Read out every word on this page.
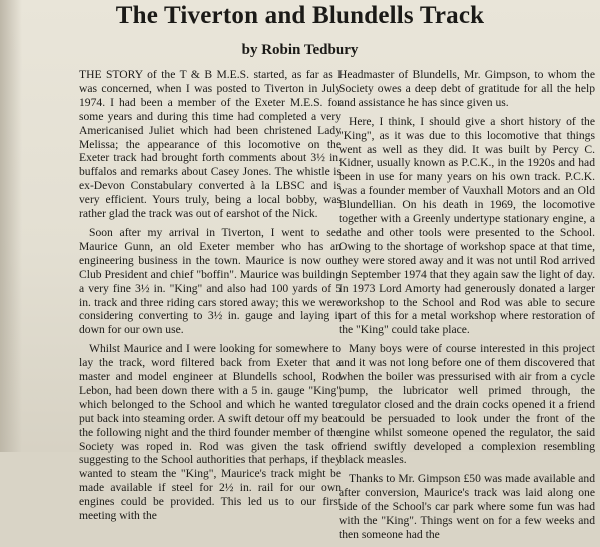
The Tiverton and Blundells Track
by Robin Tedbury

THE STORY of the T & B M.E.S. started, as far as I was concerned, when I was posted to Tiverton in July 1974. I had been a member of the Exeter M.E.S. for some years and during this time had completed a very Americanised Juliet which had been christened Lady Melissa; the appearance of this locomotive on the Exeter track had brought forth comments about 3½ in. buffalos and remarks about Casey Jones. The whistle is ex-Devon Constabulary converted à la LBSC and is very efficient. Yours truly, being a local bobby, was rather glad the track was out of earshot of the Nick.

Soon after my arrival in Tiverton, I went to see Maurice Gunn, an old Exeter member who has an engineering business in the town. Maurice is now our Club President and chief "boffin". Maurice was building a very fine 3½ in. "King" and also had 100 yards of 5 in. track and three riding cars stored away; this we were considering converting to 3½ in. gauge and laying it down for our own use.

Whilst Maurice and I were looking for somewhere to lay the track, word filtered back from Exeter that a master and model engineer at Blundells school, Rod Lebon, had been down there with a 5 in. gauge "King" which belonged to the School and which he wanted to put back into steaming order. A swift detour off my beat the following night and the third founder member of the Society was roped in. Rod was given the task of suggesting to the School authorities that perhaps, if they wanted to steam the "King", Maurice's track might be made available if steel for 2½ in. rail for our own engines could be provided. This led us to our first meeting with the

Headmaster of Blundells, Mr. Gimpson, to whom the Society owes a deep debt of gratitude for all the help and assistance he has since given us.

Here, I think, I should give a short history of the "King", as it was due to this locomotive that things went as well as they did. It was built by Percy C. Kidner, usually known as P.C.K., in the 1920s and had been in use for many years on his own track. P.C.K. was a founder member of Vauxhall Motors and an Old Blundellian. On his death in 1969, the locomotive together with a Greenly undertype stationary engine, a lathe and other tools were presented to the School. Owing to the shortage of workshop space at that time, they were stored away and it was not until Rod arrived in September 1974 that they again saw the light of day. In 1973 Lord Amorty had generously donated a larger workshop to the School and Rod was able to secure part of this for a metal workshop where restoration of the "King" could take place.

Many boys were of course interested in this project and it was not long before one of them discovered that when the boiler was pressurised with air from a cycle pump, the lubricator well primed through, the regulator closed and the drain cocks opened it a friend could be persuaded to look under the front of the engine whilst someone opened the regulator, the said friend swiftly developed a complexion resembling black measles.

Thanks to Mr. Gimpson £50 was made available and after conversion, Maurice's track was laid along one side of the School's car park where some fun was had with the "King". Things went on for a few weeks and then someone had the
